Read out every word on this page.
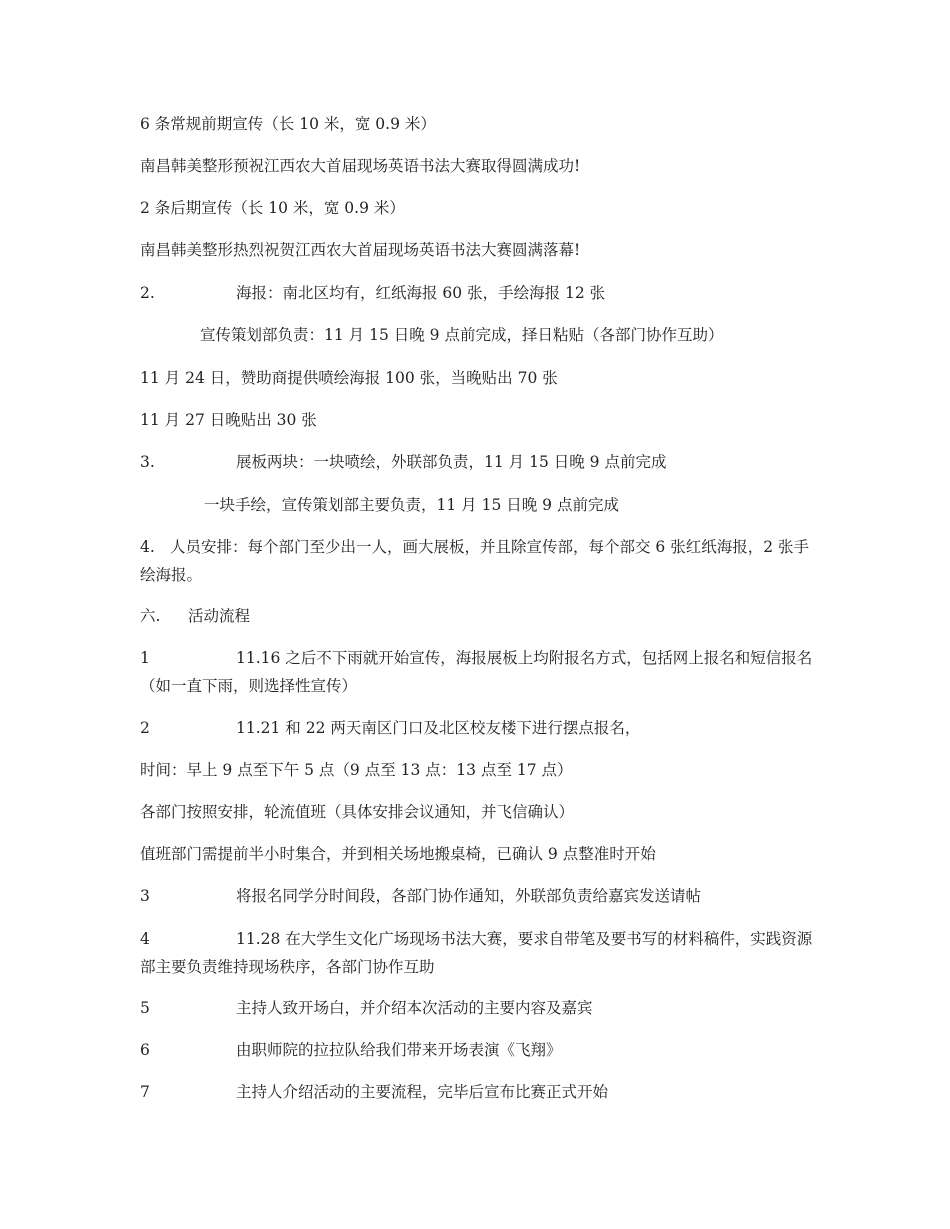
6 条常规前期宣传（长 10 米，宽 0.9 米）
南昌韩美整形预祝江西农大首届现场英语书法大赛取得圆满成功!
2 条后期宣传（长 10 米，宽 0.9 米）
南昌韩美整形热烈祝贺江西农大首届现场英语书法大赛圆满落幕!
2.	海报：南北区均有，红纸海报 60 张，手绘海报 12 张
宣传策划部负责：11 月 15 日晚 9 点前完成，择日粘贴（各部门协作互助）
11 月 24 日，赞助商提供喷绘海报 100 张，当晚贴出 70 张
11 月 27 日晚贴出 30 张
3.	展板两块：一块喷绘，外联部负责，11 月 15 日晚 9 点前完成
一块手绘，宣传策划部主要负责，11 月 15 日晚 9 点前完成
4. 人员安排：每个部门至少出一人，画大展板，并且除宣传部，每个部交 6 张红纸海报，2 张手绘海报。
六. 活动流程
1	11.16 之后不下雨就开始宣传，海报展板上均附报名方式，包括网上报名和短信报名（如一直下雨，则选择性宣传）
2	11.21 和 22 两天南区门口及北区校友楼下进行摆点报名，
时间：早上 9 点至下午 5 点（9 点至 13 点：13 点至 17 点）
各部门按照安排，轮流值班（具体安排会议通知，并飞信确认）
值班部门需提前半小时集合，并到相关场地搬桌椅，已确认 9 点整准时开始
3	将报名同学分时间段，各部门协作通知，外联部负责给嘉宾发送请帖
4	11.28 在大学生文化广场现场书法大赛，要求自带笔及要书写的材料稿件，实践资源部主要负责维持现场秩序，各部门协作互助
5	主持人致开场白，并介绍本次活动的主要内容及嘉宾
6	由职师院的拉拉队给我们带来开场表演《飞翔》
7	主持人介绍活动的主要流程，完毕后宣布比赛正式开始
